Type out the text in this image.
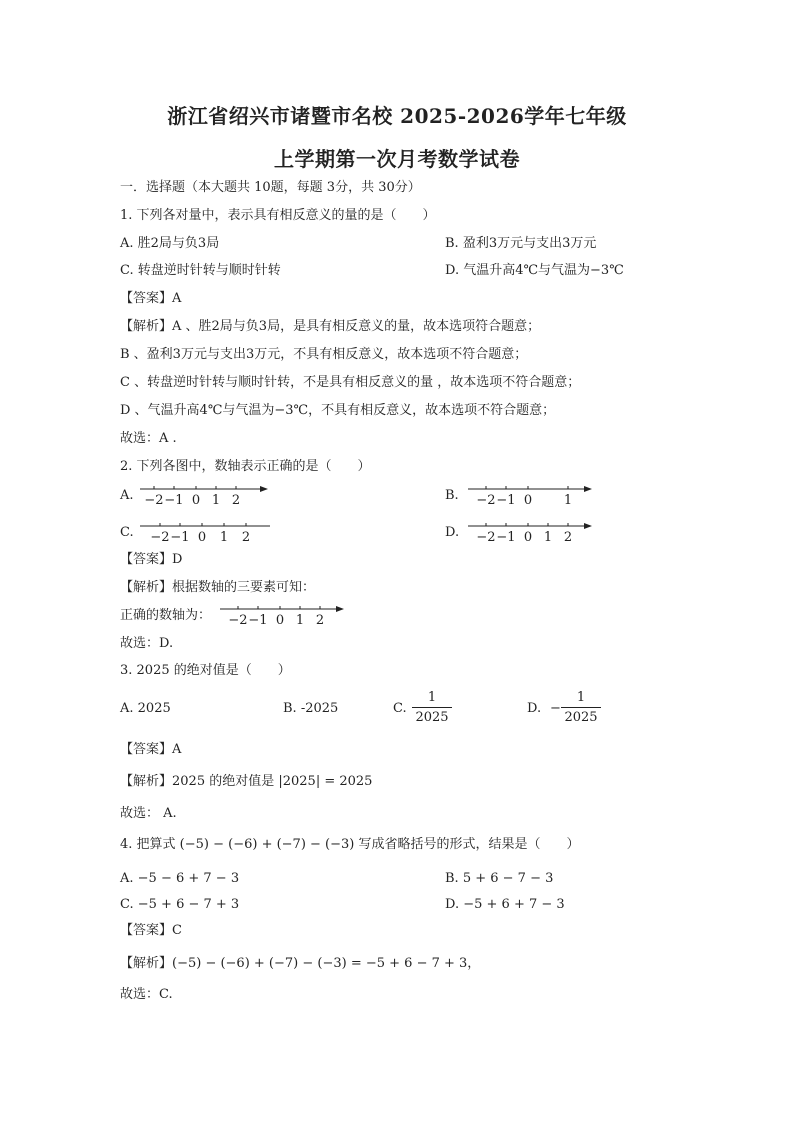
浙江省绍兴市诸暨市名校 2025-2026学年七年级
上学期第一次月考数学试卷
一．选择题（本大题共 10题，每题 3分，共 30分）
1. 下列各对量中，表示具有相反意义的量的是（　　）
A. 胜2局与负3局	B. 盈利3万元与支出3万元
C. 转盘逆时针转与顺时针转	D. 气温升高4℃与气温为−3℃
【答案】A
【解析】A 、胜2局与负3局，是具有相反意义的量，故本选项符合题意；
B 、盈利3万元与支出3万元，不具有相反意义，故本选项不符合题意；
C 、转盘逆时针转与顺时针转，不是具有相反意义的量 ，故本选项不符合题意；
D 、气温升高4℃与气温为−3℃，不具有相反意义，故本选项不符合题意；
故选：A .
2. 下列各图中，数轴表示正确的是（　　）
A.	B.
C.	D.
−2 −1 0 1 2	−2 −1 0 1
−2 −1 0 1 2	−2 −1 0 1 2
【答案】D
【解析】根据数轴的三要素可知：
正确的数轴为： −2 −1 0 1 2
故选：D.
3. 2025 的绝对值是（　　）
A. 2025	B. -2025	C.
1
2025
D. −
1
2025
【答案】A
【解析】2025 的绝对值是 |2025| = 2025
故选： A.
4. 把算式 (−5) − (−6) + (−7) − (−3) 写成省略括号的形式，结果是（　　）
A. −5 − 6 + 7 − 3	B. 5 + 6 − 7 − 3
C. −5 + 6 − 7 + 3	D. −5 + 6 + 7 − 3
【答案】C
【解析】(−5) − (−6) + (−7) − (−3) = −5 + 6 − 7 + 3，
故选：C.
